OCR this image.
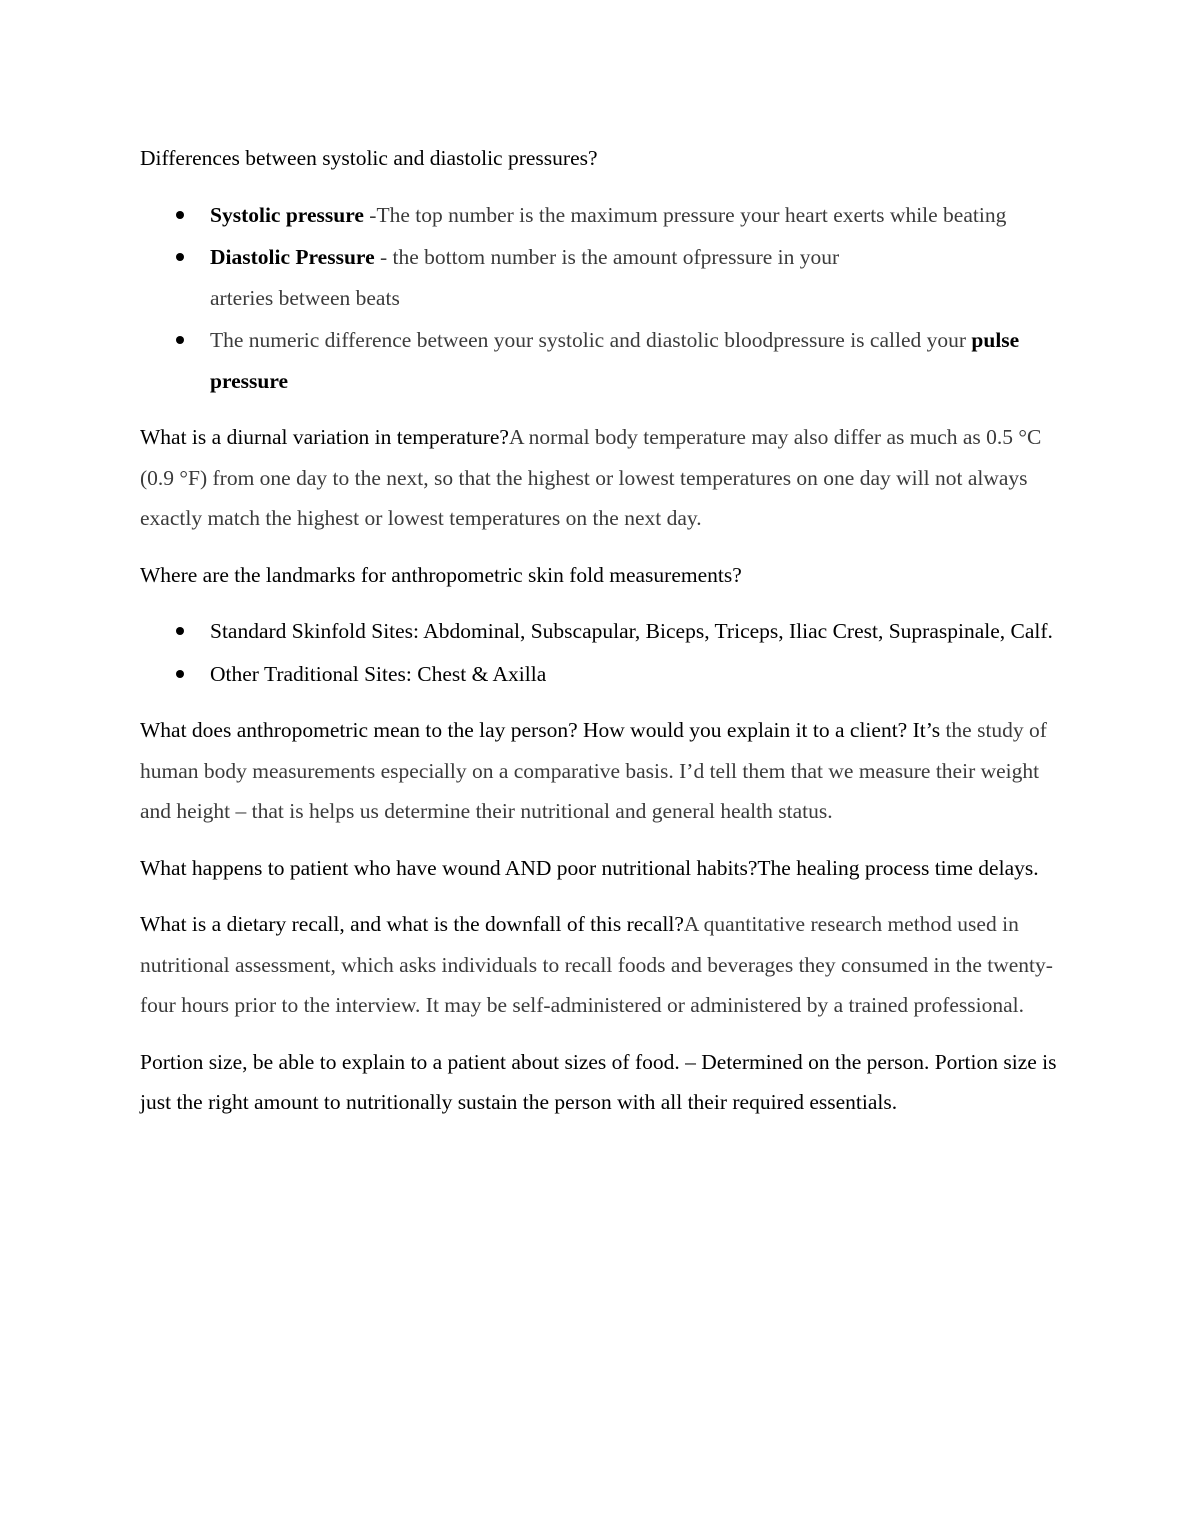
Differences between systolic and diastolic pressures?

Systolic pressure -The top number is the maximum pressure your heart exerts while beating
Diastolic Pressure - the bottom number is the amount ofpressure in your
arteries between beats
The numeric difference between your systolic and diastolic bloodpressure is called your pulse pressure

What is a diurnal variation in temperature?A normal body temperature may also differ as much as 0.5 °C (0.9 °F) from one day to the next, so that the highest or lowest temperatures on one day will not always exactly match the highest or lowest temperatures on the next day.

Where are the landmarks for anthropometric skin fold measurements?

Standard Skinfold Sites: Abdominal, Subscapular, Biceps, Triceps, Iliac Crest, Supraspinale, Calf.
Other Traditional Sites: Chest & Axilla

What does anthropometric mean to the lay person? How would you explain it to a client? It’s the study of human body measurements especially on a comparative basis. I’d tell them that we measure their weight and height – that is helps us determine their nutritional and general health status.

What happens to patient who have wound AND poor nutritional habits?The healing process time delays.

What is a dietary recall, and what is the downfall of this recall?A quantitative research method used in nutritional assessment, which asks individuals to recall foods and beverages they consumed in the twenty-four hours prior to the interview. It may be self-administered or administered by a trained professional.

Portion size, be able to explain to a patient about sizes of food. – Determined on the person. Portion size is just the right amount to nutritionally sustain the person with all their required essentials.
